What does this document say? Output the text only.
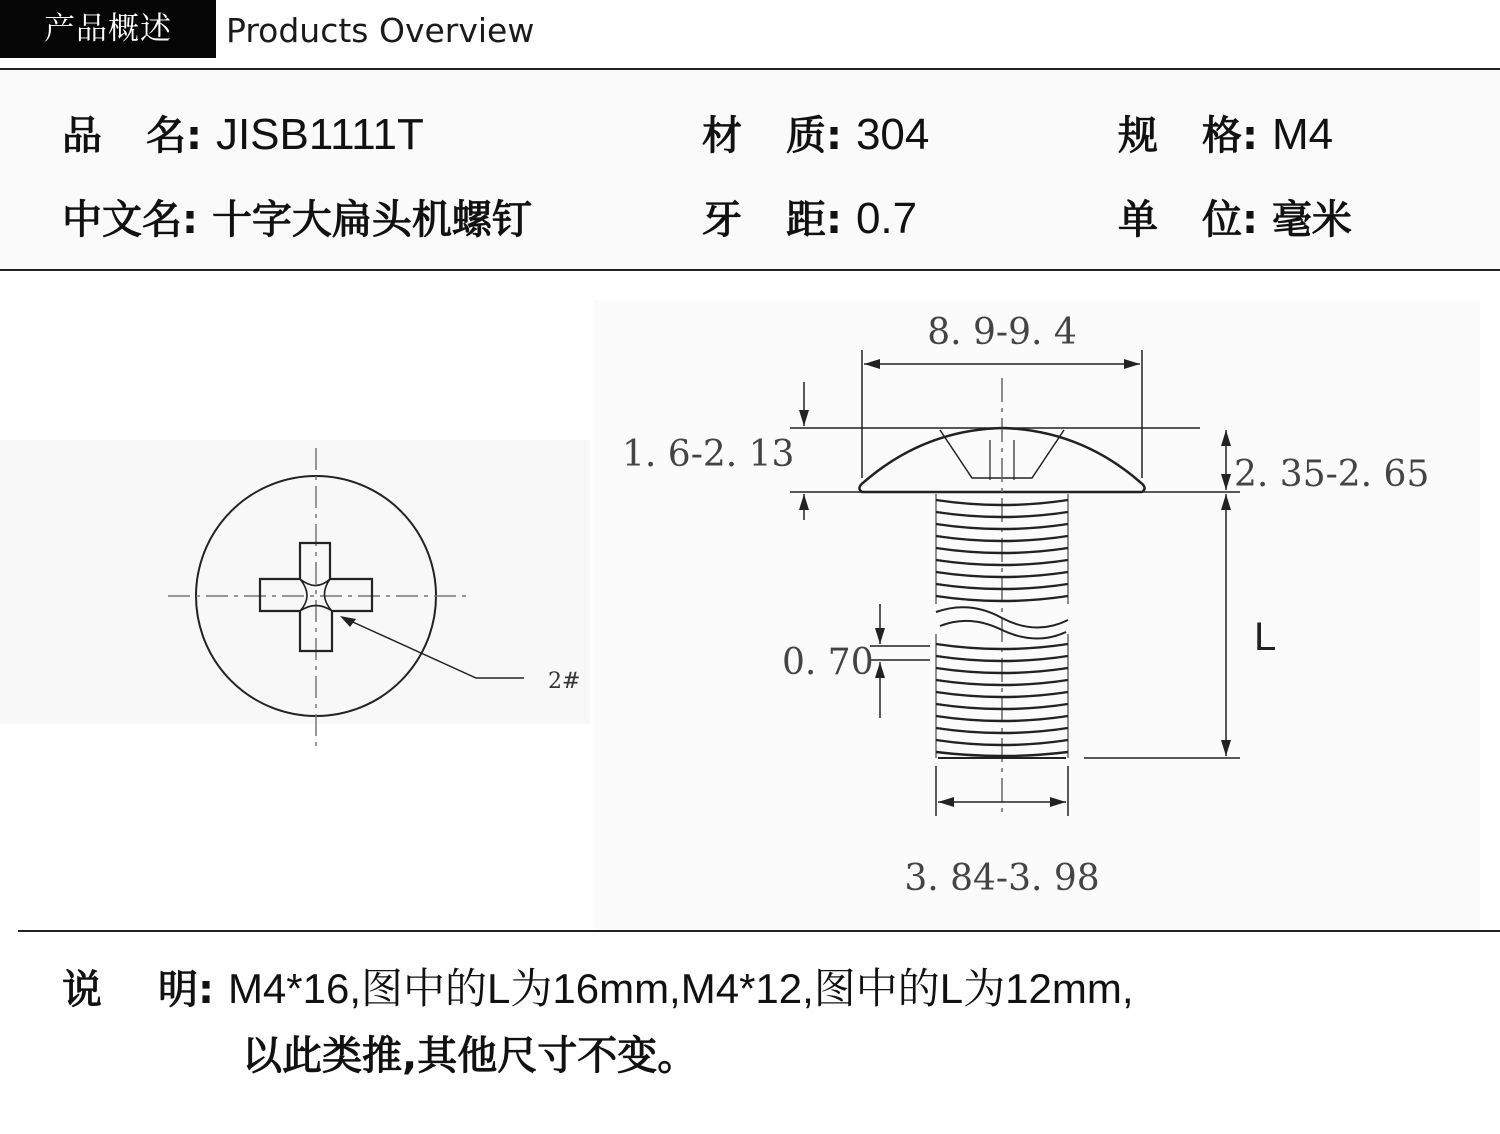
产品概述	Products Overview
品 名: JISB1111T	材 质: 304	规 格: M4
中文名: 十字大扁头机螺钉	牙 距: 0.7	单 位: 毫米
2#
8. 9-9. 4
1. 6-2. 13	2. 35-2. 65
L
0. 70
3. 84-3. 98
说 明: M4*16,图中的L为16mm,M4*12,图中的L为12mm,
以此类推,其他尺寸不变。
